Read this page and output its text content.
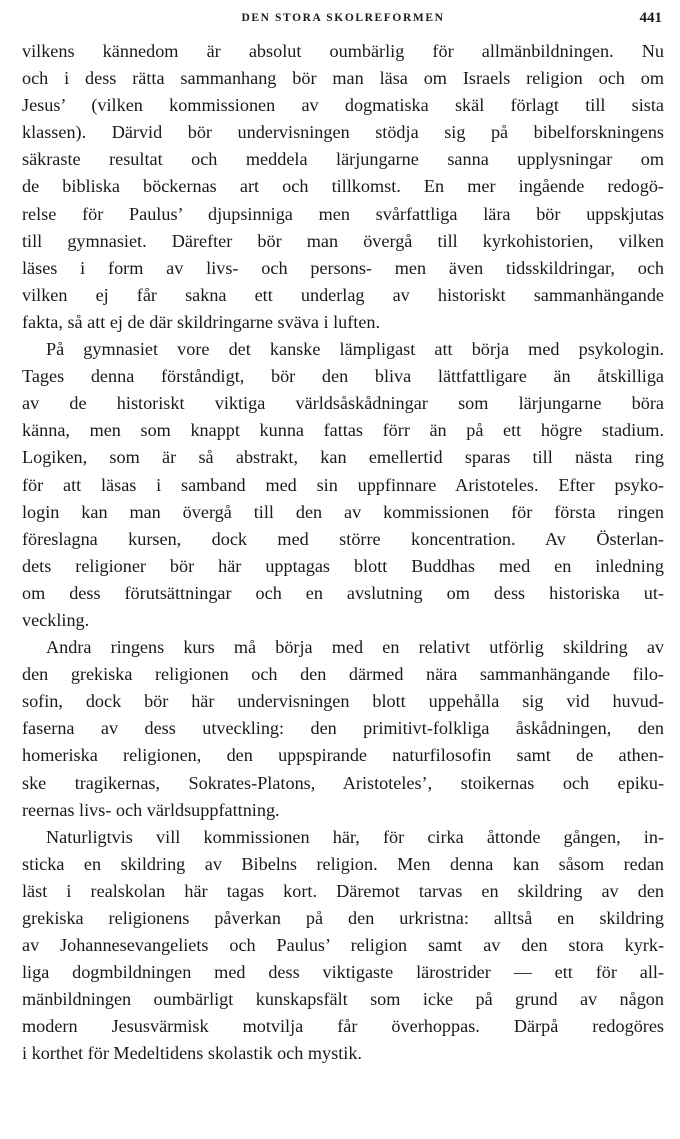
DEN STORA SKOLREFORMEN	441
vilkens kännedom är absolut oumbärlig för allmänbildningen. Nu
och i dess rätta sammanhang bör man läsa om Israels religion och om
Jesus’ (vilken kommissionen av dogmatiska skäl förlagt till sista
klassen). Därvid bör undervisningen stödja sig på bibelforskningens
säkraste resultat och meddela lärjungarne sanna upplysningar om
de bibliska böckernas art och tillkomst. En mer ingående redogö-
relse för Paulus’ djupsinniga men svårfattliga lära bör uppskjutas
till gymnasiet. Därefter bör man övergå till kyrkohistorien, vilken
läses i form av livs- och persons- men även tidsskildringar, och
vilken ej får sakna ett underlag av historiskt sammanhängande
fakta, så att ej de där skildringarne sväva i luften.
På gymnasiet vore det kanske lämpligast att börja med psykologin.
Tages denna förståndigt, bör den bliva lättfattligare än åtskilliga
av de historiskt viktiga världsåskådningar som lärjungarne böra
känna, men som knappt kunna fattas förr än på ett högre stadium.
Logiken, som är så abstrakt, kan emellertid sparas till nästa ring
för att läsas i samband med sin uppfinnare Aristoteles. Efter psyko-
login kan man övergå till den av kommissionen för första ringen
föreslagna kursen, dock med större koncentration. Av Österlan-
dets religioner bör här upptagas blott Buddhas med en inledning
om dess förutsättningar och en avslutning om dess historiska ut-
veckling.
Andra ringens kurs må börja med en relativt utförlig skildring av
den grekiska religionen och den därmed nära sammanhängande filo-
sofin, dock bör här undervisningen blott uppehålla sig vid huvud-
faserna av dess utveckling: den primitivt-folkliga åskådningen, den
homeriska religionen, den uppspirande naturfilosofin samt de athen-
ske tragikernas, Sokrates-Platons, Aristoteles’, stoikernas och epiku-
reernas livs- och världsuppfattning.
Naturligtvis vill kommissionen här, för cirka åttonde gången, in-
sticka en skildring av Bibelns religion. Men denna kan såsom redan
läst i realskolan här tagas kort. Däremot tarvas en skildring av den
grekiska religionens påverkan på den urkristna: alltså en skildring
av Johannesevangeliets och Paulus’ religion samt av den stora kyrk-
liga dogmbildningen med dess viktigaste lärostrider — ett för all-
mänbildningen oumbärligt kunskapsfält som icke på grund av någon
modern Jesusvärmisk motvilja får överhoppas. Därpå redogöres
i korthet för Medeltidens skolastik och mystik.
